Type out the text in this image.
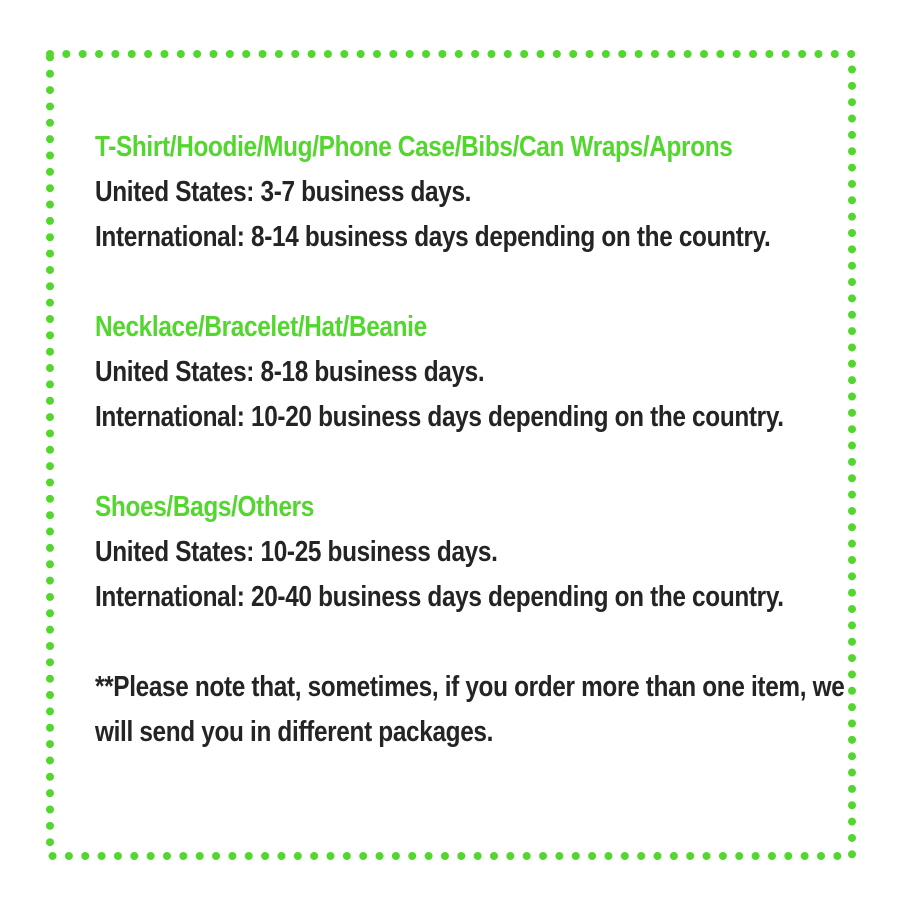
T-Shirt/Hoodie/Mug/Phone Case/Bibs/Can Wraps/Aprons
United States: 3-7 business days.
International: 8-14 business days depending on the country.
Necklace/Bracelet/Hat/Beanie
United States: 8-18 business days.
International: 10-20 business days depending on the country.
Shoes/Bags/Others
United States: 10-25 business days.
International: 20-40 business days depending on the country.
**Please note that, sometimes, if you order more than one item, we
will send you in different packages.
